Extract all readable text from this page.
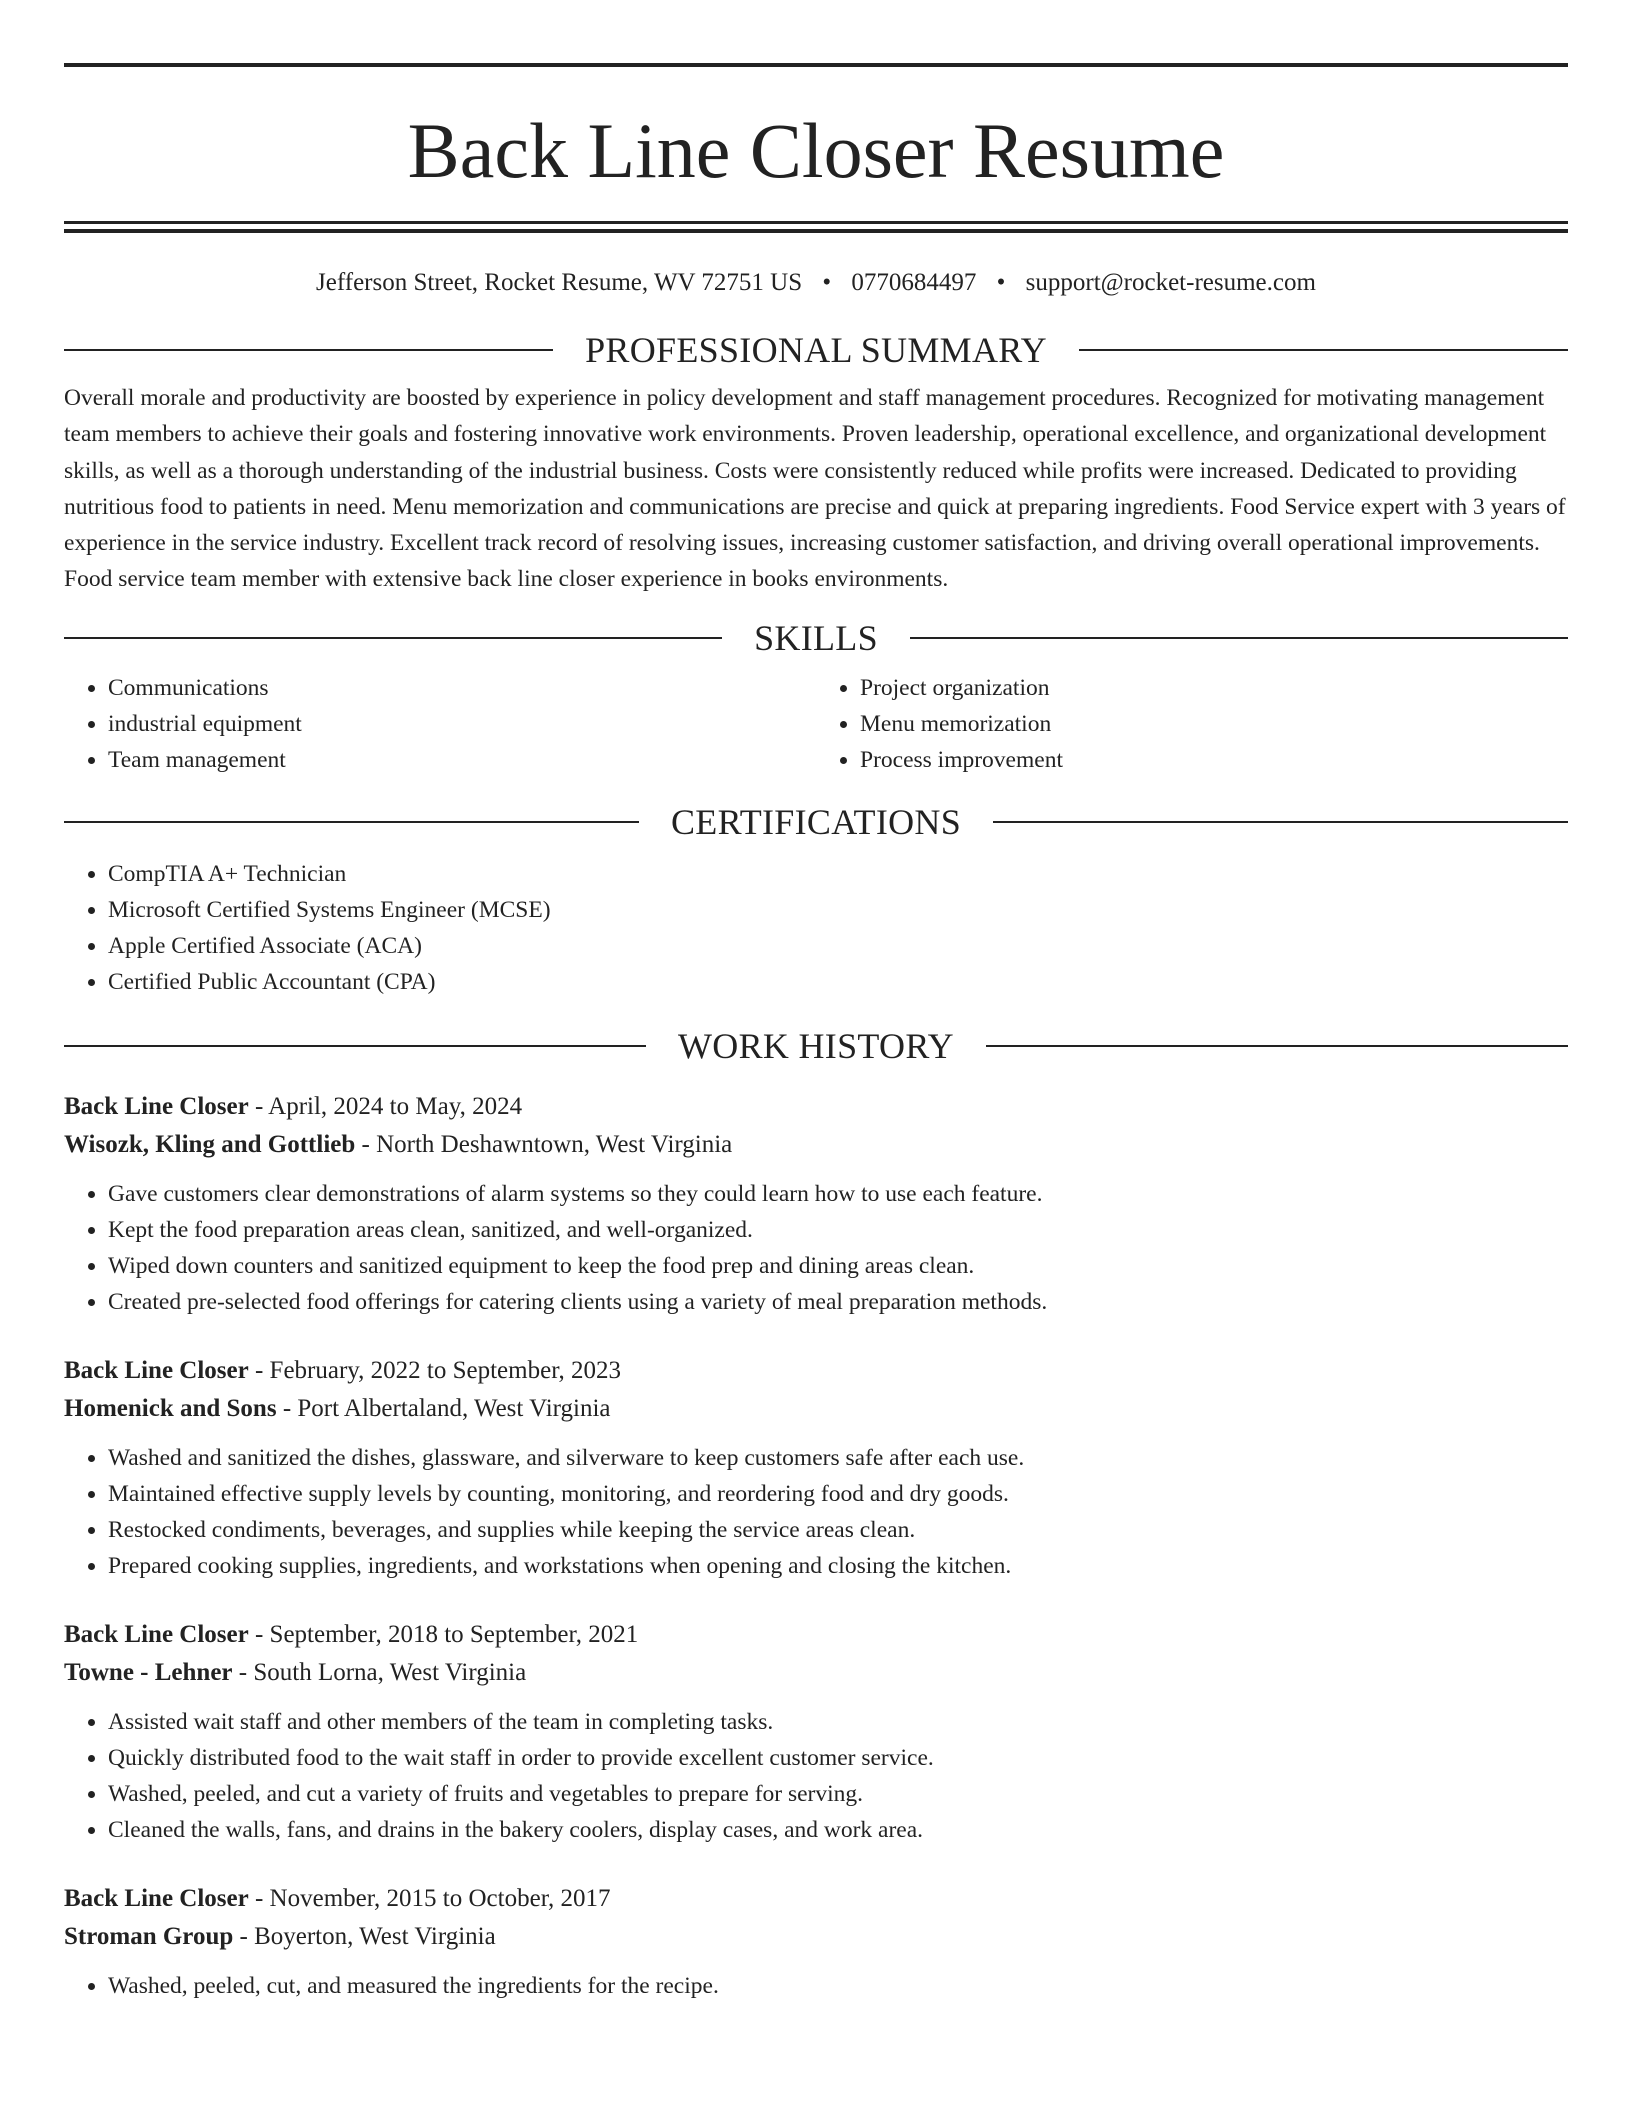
Back Line Closer Resume
Jefferson Street, Rocket Resume, WV 72751 US • 0770684497 • support@rocket-resume.com
PROFESSIONAL SUMMARY

Overall morale and productivity are boosted by experience in policy development and staff management procedures. Recognized for motivating management team members to achieve their goals and fostering innovative work environments. Proven leadership, operational excellence, and organizational development skills, as well as a thorough understanding of the industrial business. Costs were consistently reduced while profits were increased. Dedicated to providing nutritious food to patients in need. Menu memorization and communications are precise and quick at preparing ingredients. Food Service expert with 3 years of experience in the service industry. Excellent track record of resolving issues, increasing customer satisfaction, and driving overall operational improvements. Food service team member with extensive back line closer experience in books environments.

SKILLS
• Communications
• industrial equipment
• Team management
• Project organization
• Menu memorization
• Process improvement
CERTIFICATIONS
• CompTIA A+ Technician
• Microsoft Certified Systems Engineer (MCSE)
• Apple Certified Associate (ACA)
• Certified Public Accountant (CPA)
WORK HISTORY
Back Line Closer - April, 2024 to May, 2024
Wisozk, Kling and Gottlieb - North Deshawntown, West Virginia
• Gave customers clear demonstrations of alarm systems so they could learn how to use each feature.
• Kept the food preparation areas clean, sanitized, and well-organized.
• Wiped down counters and sanitized equipment to keep the food prep and dining areas clean.
• Created pre-selected food offerings for catering clients using a variety of meal preparation methods.
Back Line Closer - February, 2022 to September, 2023
Homenick and Sons - Port Albertaland, West Virginia
• Washed and sanitized the dishes, glassware, and silverware to keep customers safe after each use.
• Maintained effective supply levels by counting, monitoring, and reordering food and dry goods.
• Restocked condiments, beverages, and supplies while keeping the service areas clean.
• Prepared cooking supplies, ingredients, and workstations when opening and closing the kitchen.
Back Line Closer - September, 2018 to September, 2021
Towne - Lehner - South Lorna, West Virginia
• Assisted wait staff and other members of the team in completing tasks.
• Quickly distributed food to the wait staff in order to provide excellent customer service.
• Washed, peeled, and cut a variety of fruits and vegetables to prepare for serving.
• Cleaned the walls, fans, and drains in the bakery coolers, display cases, and work area.
Back Line Closer - November, 2015 to October, 2017
Stroman Group - Boyerton, West Virginia
• Washed, peeled, cut, and measured the ingredients for the recipe.
